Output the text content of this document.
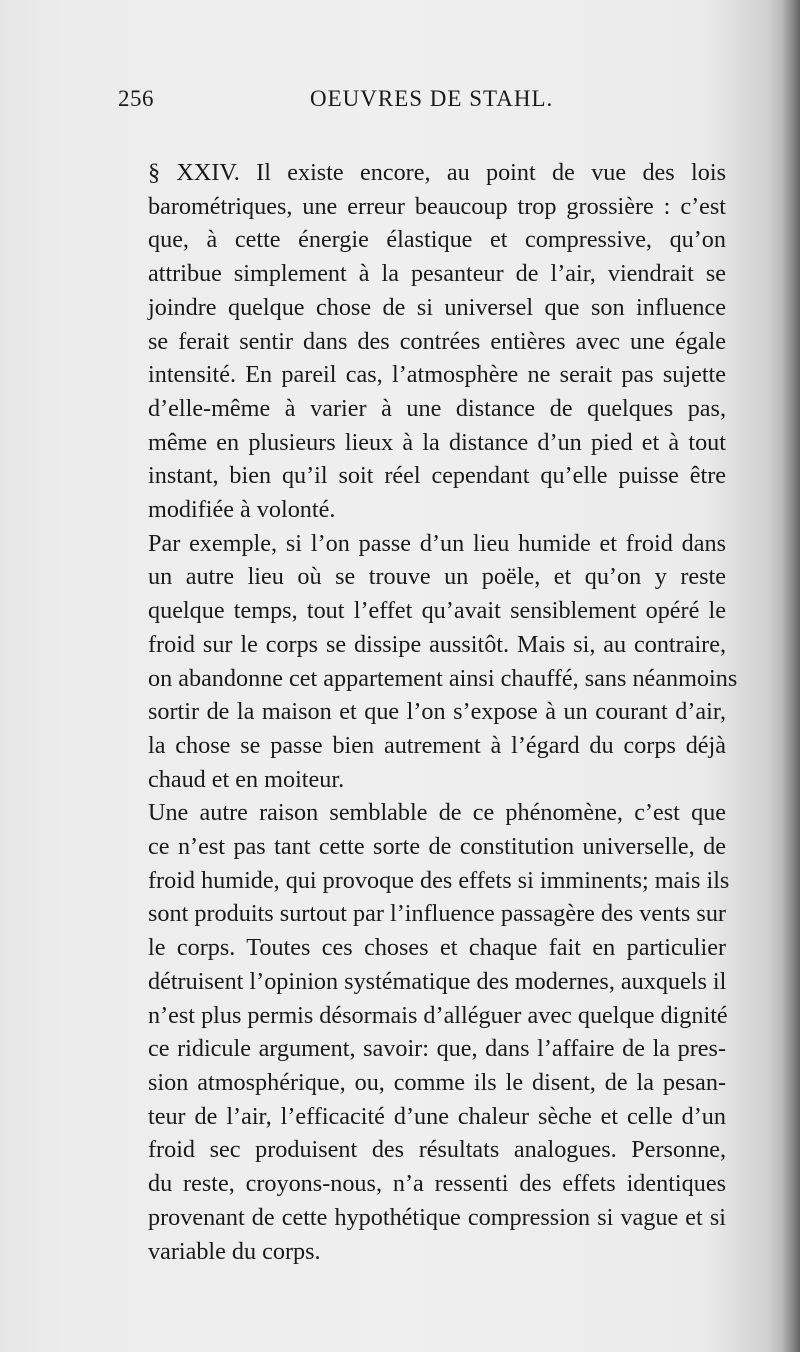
256	OEUVRES DE STAHL.

§ XXIV. Il existe encore, au point de vue des lois
barométriques, une erreur beaucoup trop grossière : c’est
que, à cette énergie élastique et compressive, qu’on
attribue simplement à la pesanteur de l’air, viendrait se
joindre quelque chose de si universel que son influence
se ferait sentir dans des contrées entières avec une égale
intensité. En pareil cas, l’atmosphère ne serait pas sujette
d’elle-même à varier à une distance de quelques pas,
même en plusieurs lieux à la distance d’un pied et à tout
instant, bien qu’il soit réel cependant qu’elle puisse être
modifiée à volonté.

Par exemple, si l’on passe d’un lieu humide et froid dans
un autre lieu où se trouve un poële, et qu’on y reste
quelque temps, tout l’effet qu’avait sensiblement opéré le
froid sur le corps se dissipe aussitôt. Mais si, au contraire,
on abandonne cet appartement ainsi chauffé, sans néanmoins
sortir de la maison et que l’on s’expose à un courant d’air,
la chose se passe bien autrement à l’égard du corps déjà
chaud et en moiteur.

Une autre raison semblable de ce phénomène, c’est que
ce n’est pas tant cette sorte de constitution universelle, de
froid humide, qui provoque des effets si imminents; mais ils
sont produits surtout par l’influence passagère des vents sur
le corps. Toutes ces choses et chaque fait en particulier
détruisent l’opinion systématique des modernes, auxquels il
n’est plus permis désormais d’alléguer avec quelque dignité
ce ridicule argument, savoir: que, dans l’affaire de la pres-
sion atmosphérique, ou, comme ils le disent, de la pesan-
teur de l’air, l’efficacité d’une chaleur sèche et celle d’un
froid sec produisent des résultats analogues. Personne,
du reste, croyons-nous, n’a ressenti des effets identiques
provenant de cette hypothétique compression si vague et si
variable du corps.
